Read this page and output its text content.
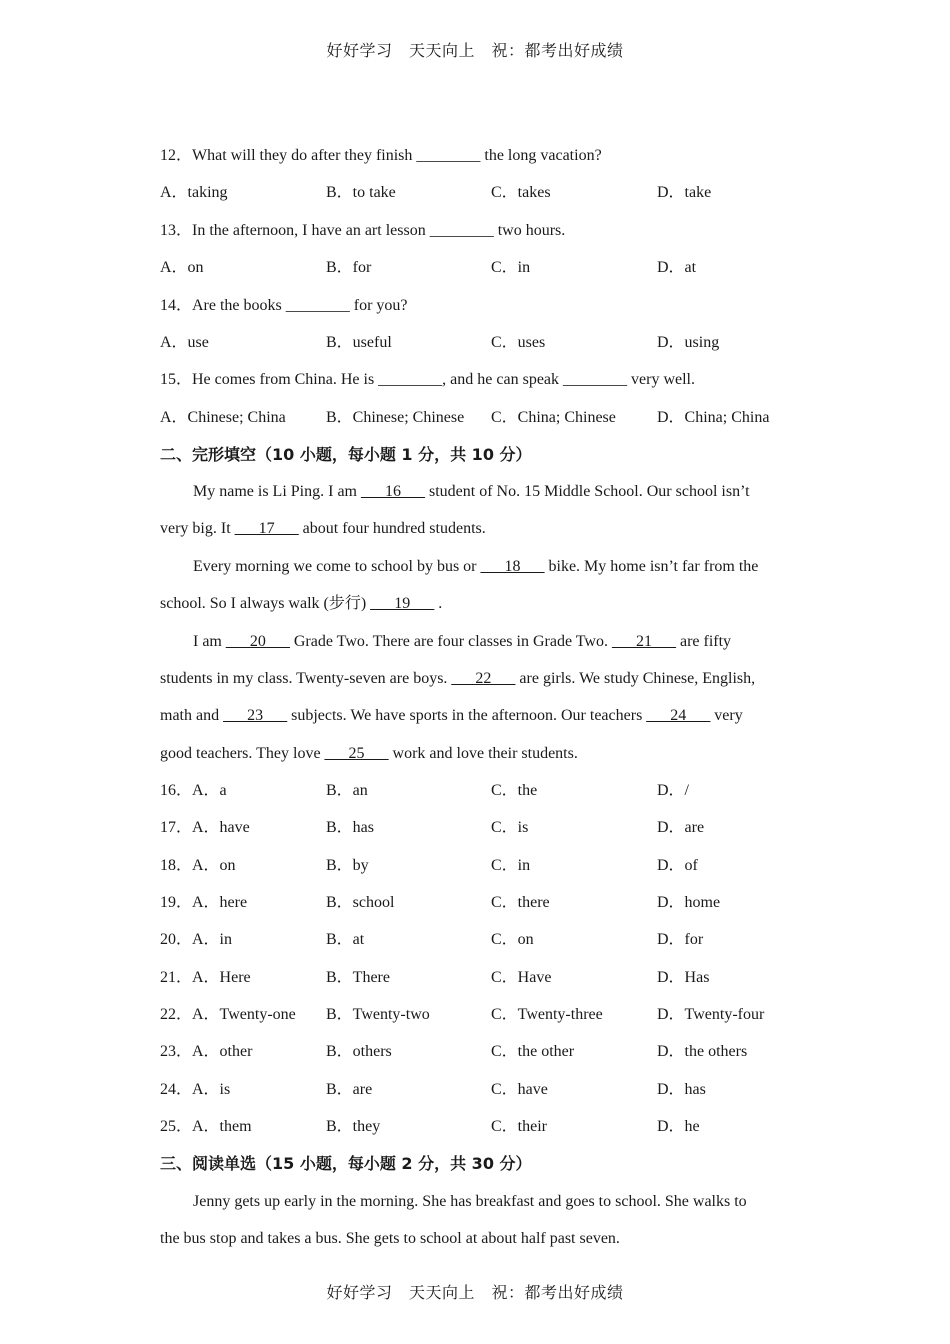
好好学习　天天向上　祝：都考出好成绩
12．What will they do after they finish ________ the long vacation?
A．taking	B．to take	C．takes	D．take
13．In the afternoon, I have an art lesson ________ two hours.
A．on	B．for	C．in	D．at
14．Are the books ________ for you?
A．use	B．useful	C．uses	D．using
15．He comes from China. He is ________, and he can speak ________ very well.
A．Chinese; China	B．Chinese; Chinese C．China; Chinese	D．China; China
二、完形填空（10 小题，每小题 1 分，共 10 分）
My name is Li Ping. I am ___16___ student of No. 15 Middle School. Our school isn’t
very big. It ___17___ about four hundred students.
Every morning we come to school by bus or ___18___ bike. My home isn’t far from the
school. So I always walk (步行) ___19___ .
I am ___20___ Grade Two. There are four classes in Grade Two. ___21___ are fifty
students in my class. Twenty-seven are boys. ___22___ are girls. We study Chinese, English,
math and ___23___ subjects. We have sports in the afternoon. Our teachers ___24___ very
good teachers. They love ___25___ work and love their students.
16．A．a	B．an	C．the	D．/
17．A．have	B．has	C．is	D．are
18．A．on	B．by	C．in	D．of
19．A．here	B．school	C．there	D．home
20．A．in	B．at	C．on	D．for
21．A．Here	B．There	C．Have	D．Has
22．A．Twenty-one B．Twenty-two	C．Twenty-three	D．Twenty-four
23．A．other	B．others	C．the other	D．the others
24．A．is	B．are	C．have	D．has
25．A．them	B．they	C．their	D．he
三、阅读单选（15 小题，每小题 2 分，共 30 分）
Jenny gets up early in the morning. She has breakfast and goes to school. She walks to
the bus stop and takes a bus. She gets to school at about half past seven.
好好学习　天天向上　祝：都考出好成绩
